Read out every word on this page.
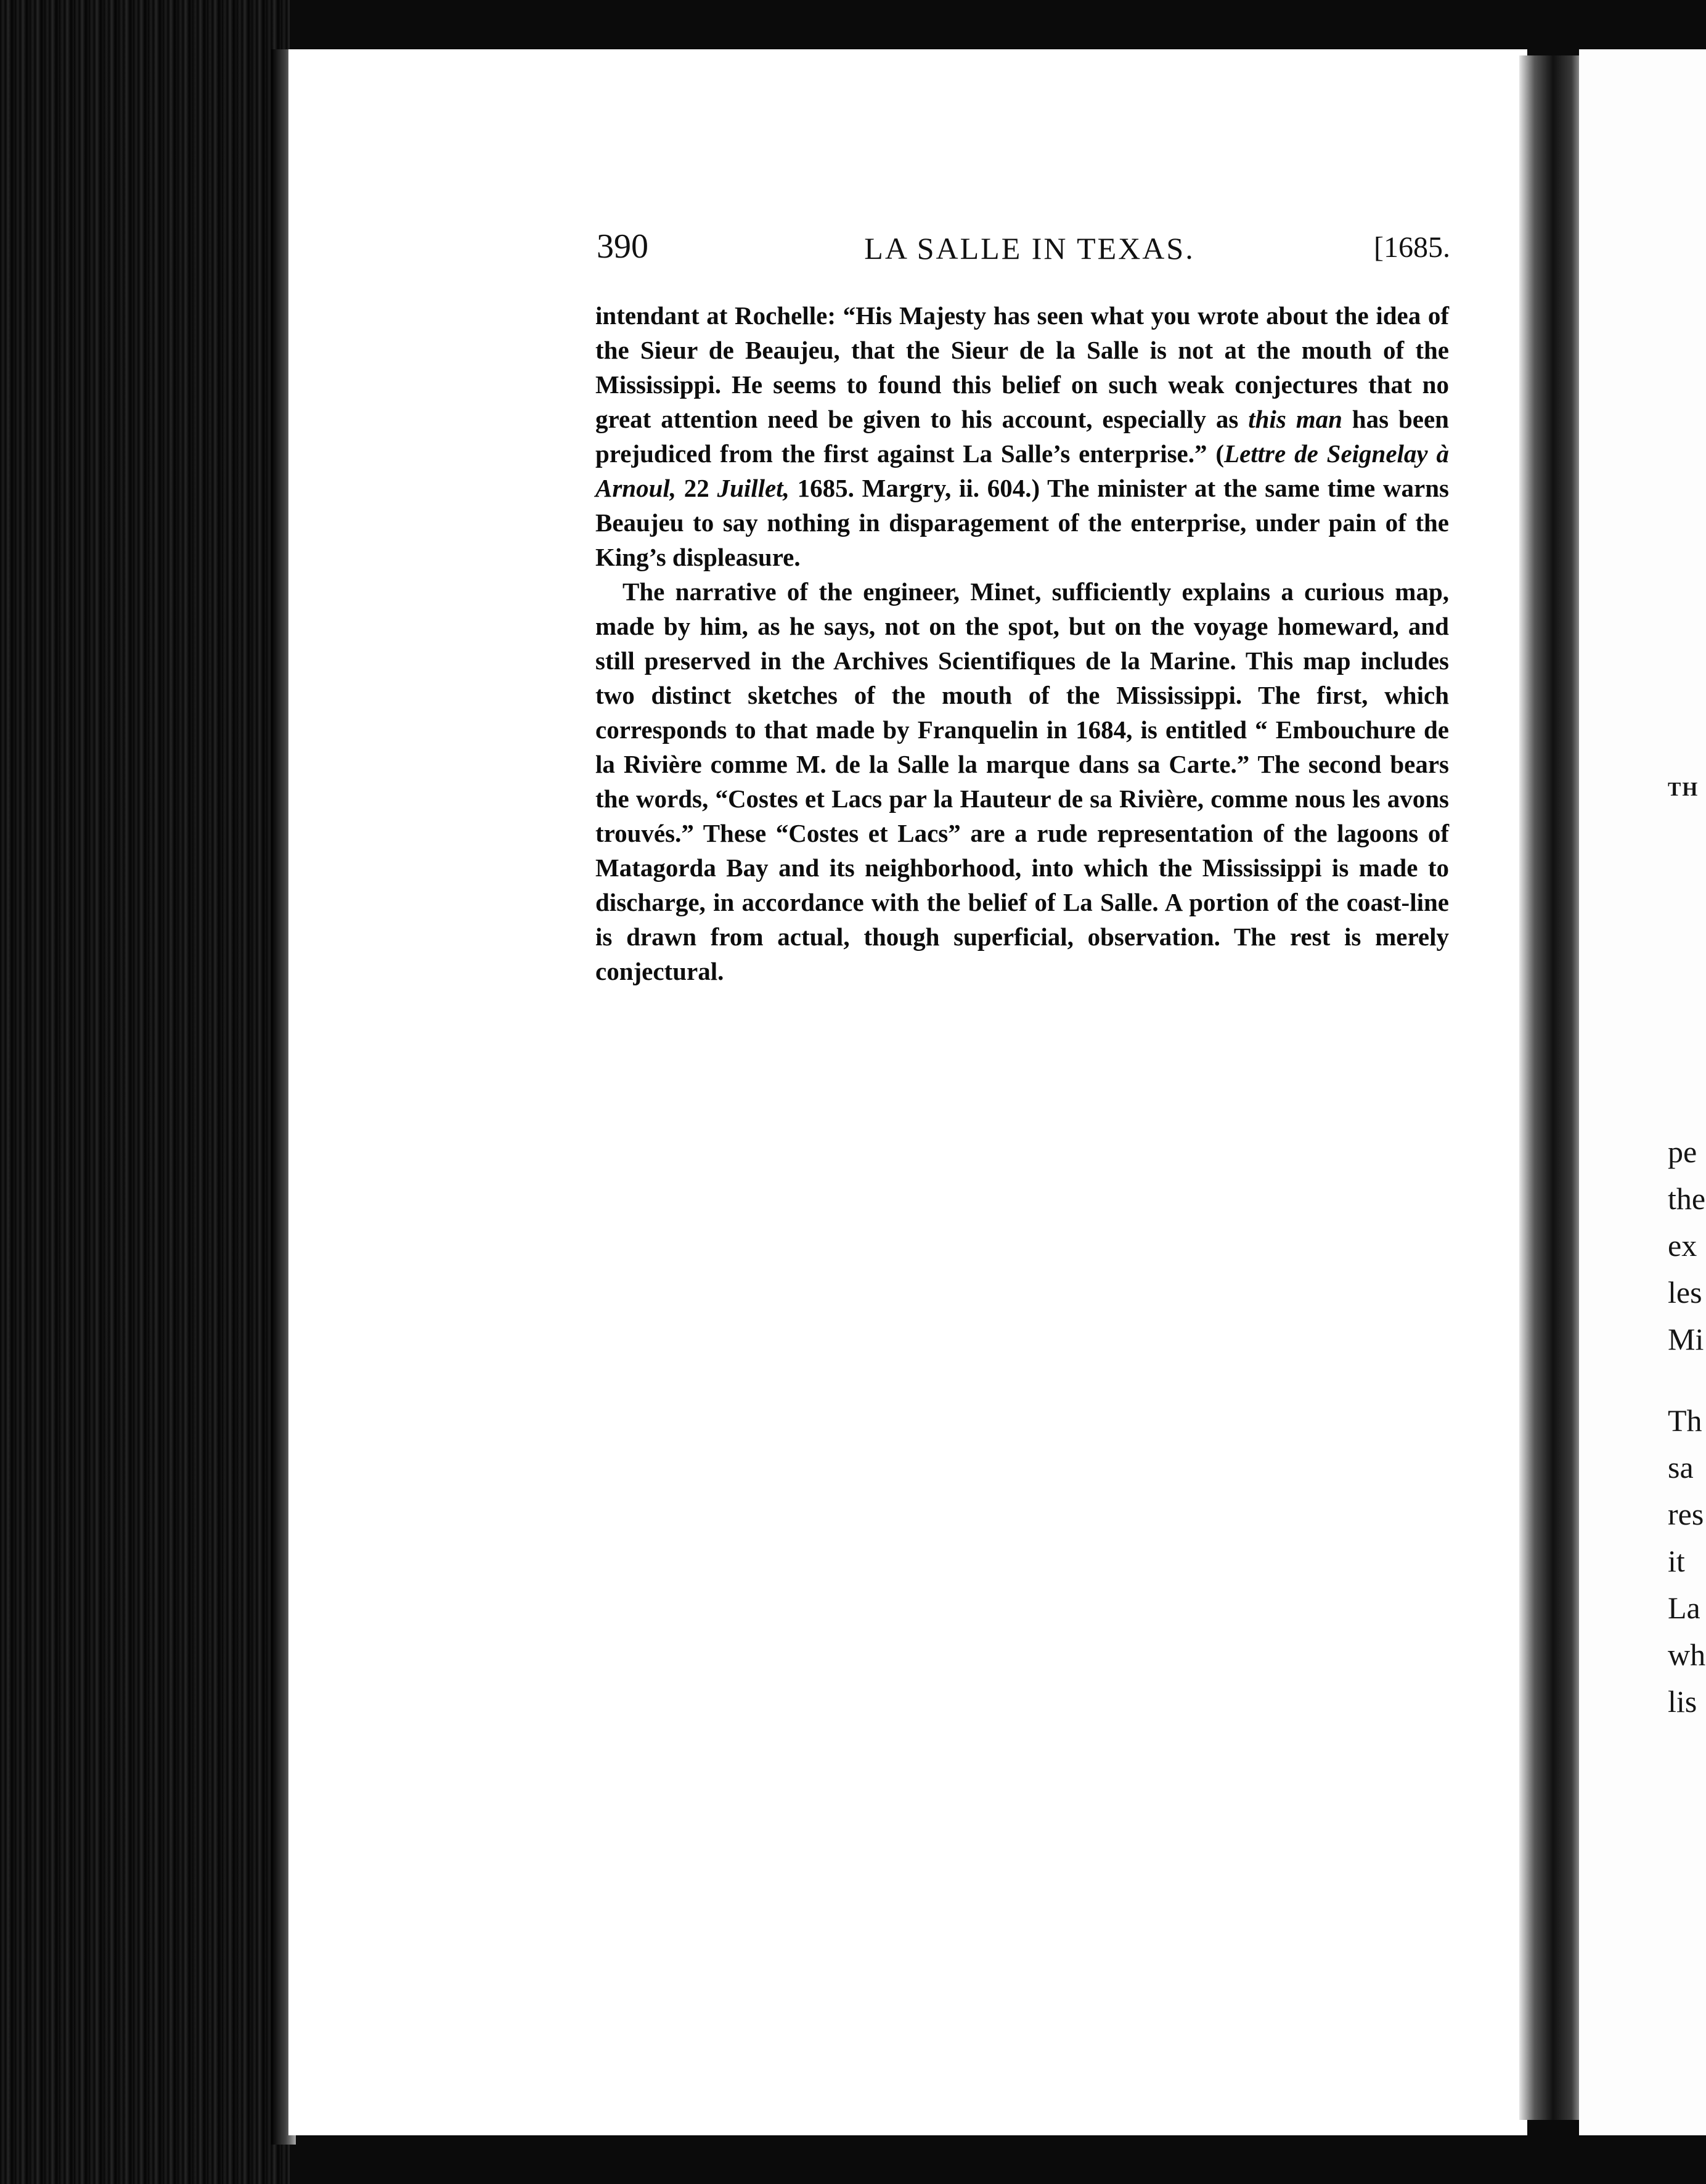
390	LA SALLE IN TEXAS.	[1685.

intendant at Rochelle: “His Majesty has seen what you wrote about the idea of the Sieur de Beaujeu, that the Sieur de la Salle is not at the mouth of the Mississippi. He seems to found this belief on such weak conjectures that no great attention need be given to his account, especially as this man has been prejudiced from the first against La Salle’s enterprise.” (Lettre de Seignelay à Arnoul, 22 Juillet, 1685. Margry, ii. 604.) The minister at the same time warns Beaujeu to say nothing in disparagement of the enterprise, under pain of the King’s displeasure.

The narrative of the engineer, Minet, sufficiently explains a curious map, made by him, as he says, not on the spot, but on the voyage homeward, and still preserved in the Archives Scientifiques de la Marine. This map includes two distinct sketches of the mouth of the Mississippi. The first, which corresponds to that made by Franquelin in 1684, is entitled “ Embouchure de la Rivière comme M. de la Salle la marque dans sa Carte.” The second bears the words, “Costes et Lacs par la Hauteur de sa Rivière, comme nous les avons trouvés.” These “Costes et Lacs” are a rude representation of the lagoons of Matagorda Bay and its neighborhood, into which the Mississippi is made to discharge, in accordance with the belief of La Salle. A portion of the coast-line is drawn from actual, though superficial, observation. The rest is merely conjectural.

TH
pe
the
ex
les
Mi
Th
sa
res
it
La
wh
lis
